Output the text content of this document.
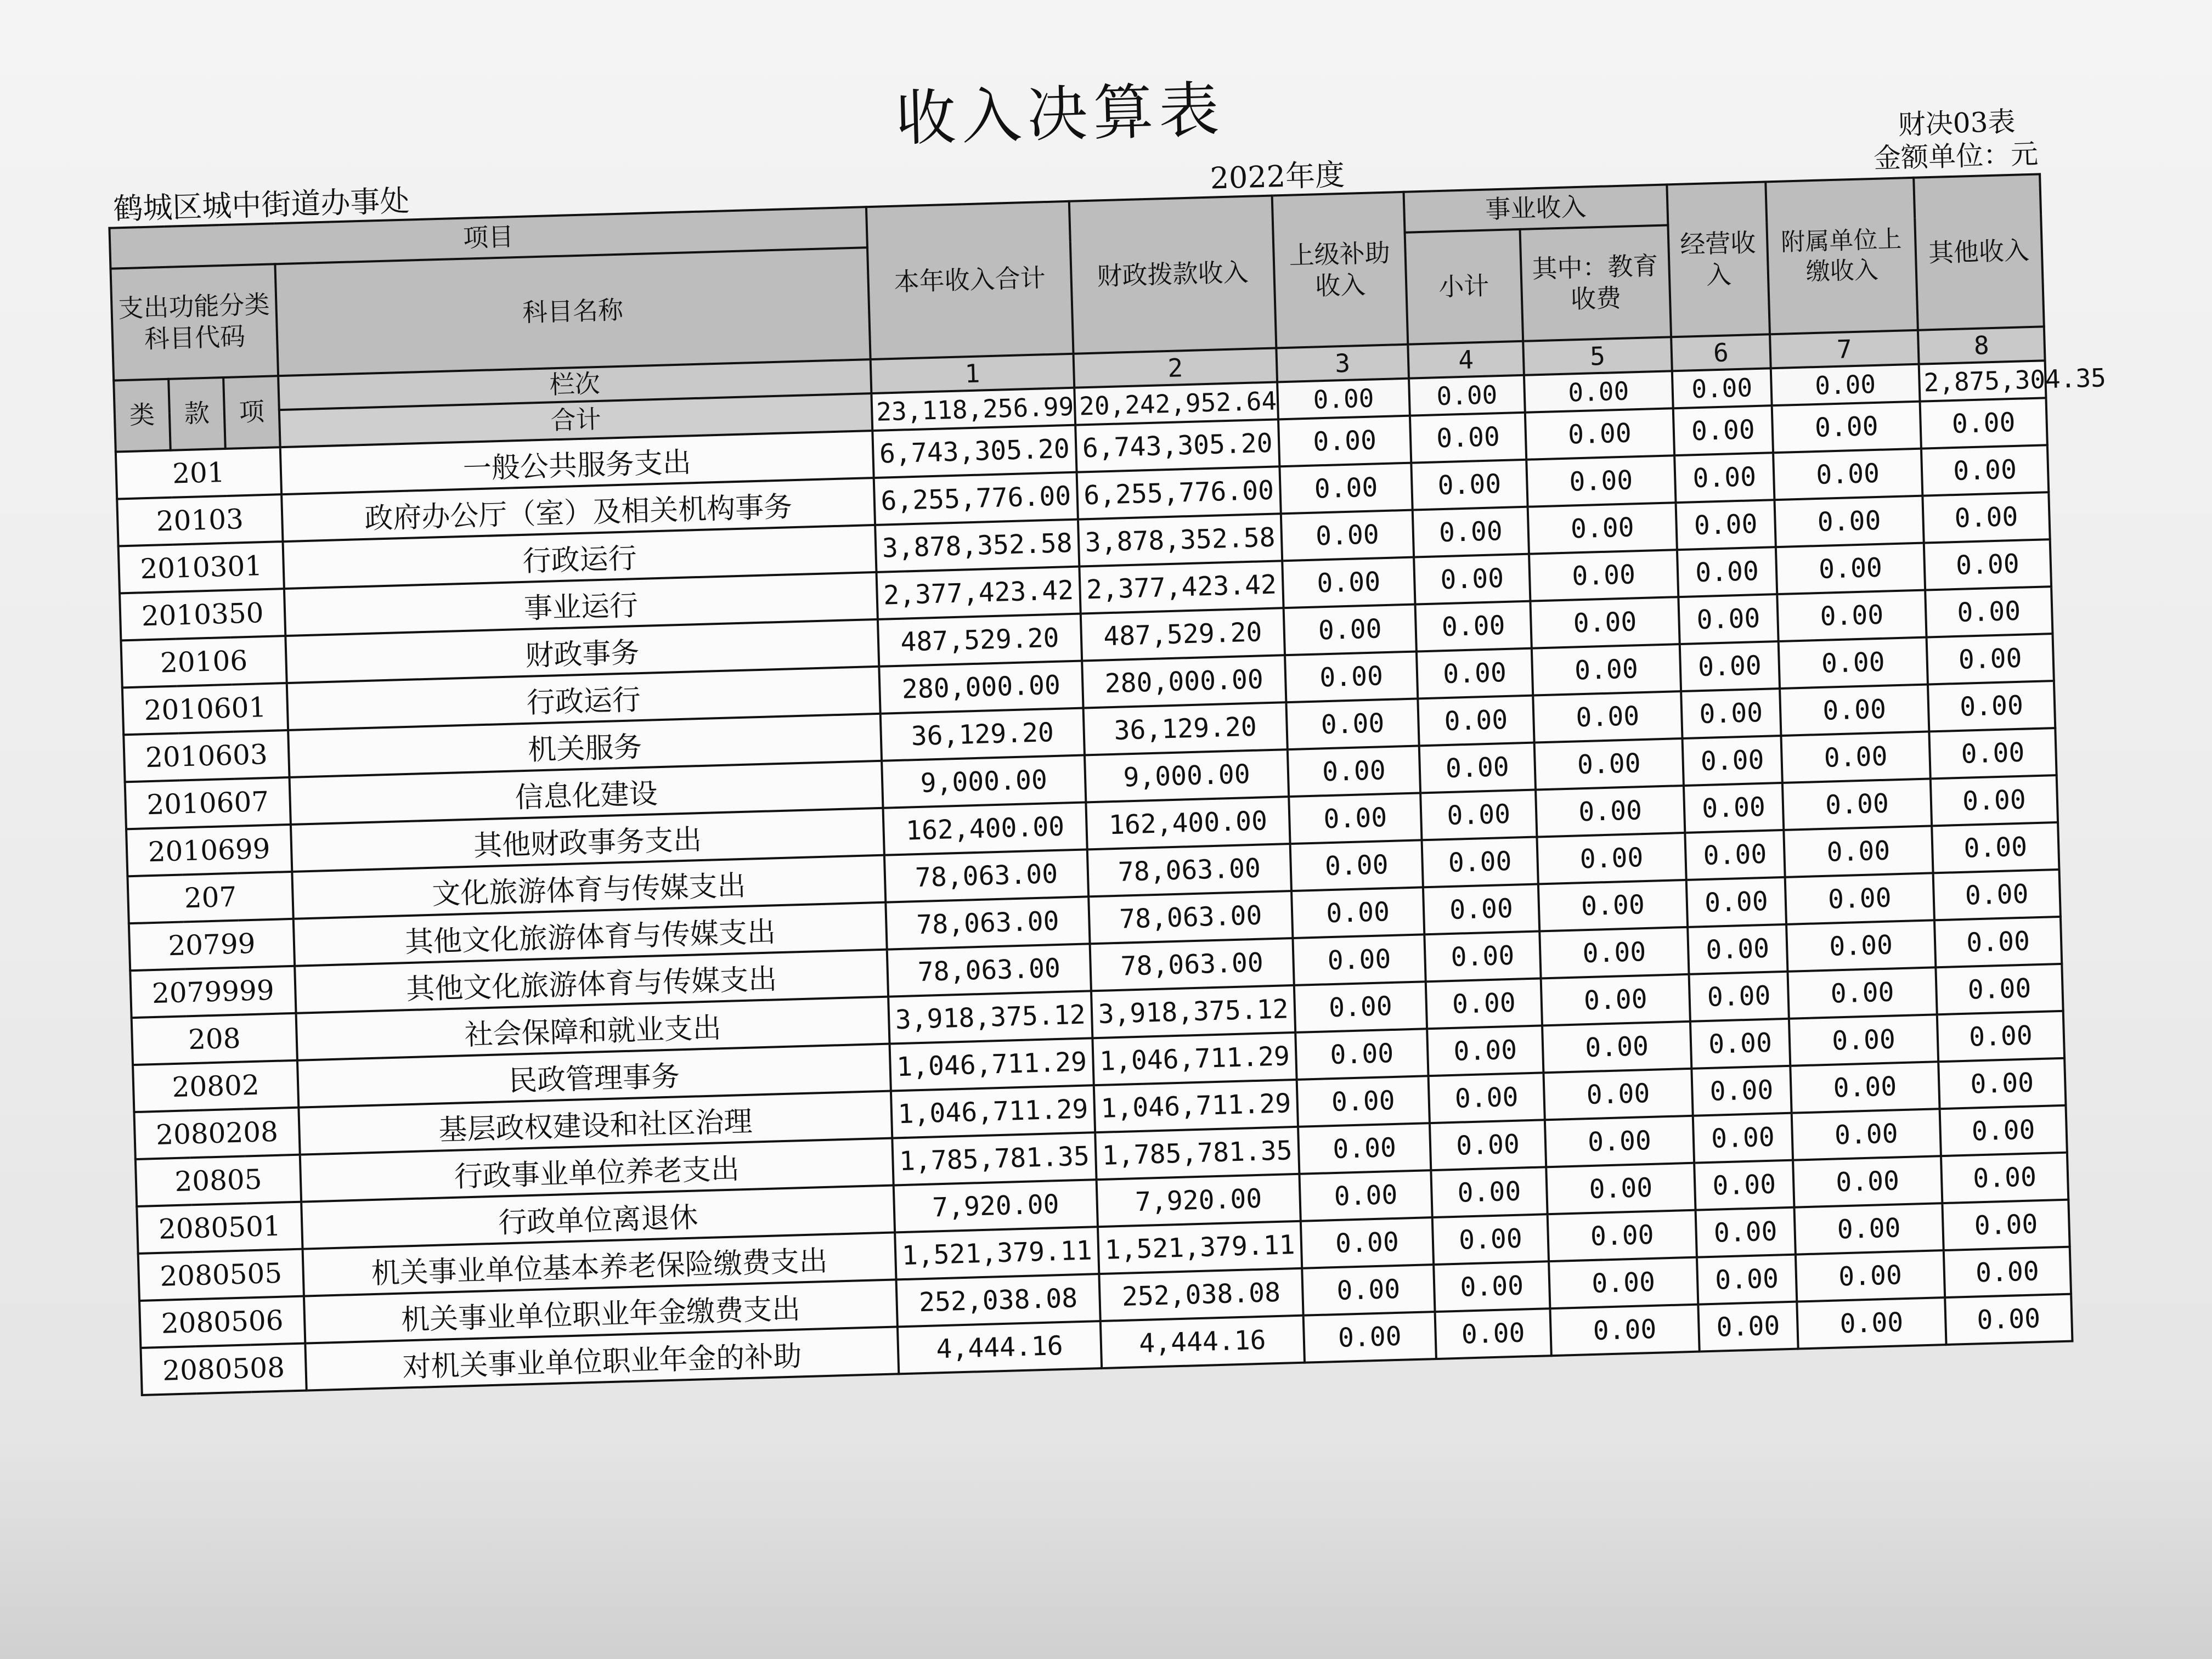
收入决算表	财决03表
金额单位：元
鹤城区城中街道办事处
2022年度
项目				本年收入合计	财政拨款收入	上级补助收入	事业收入		经营收入	附属单位上缴收入	其他收入
支出功能分类科目代码			科目名称				小计	其中：教育收费			

类	款	项	栏次	1	2	3	4	5	6	7	8
			合计	23,118,256.99	20,242,952.64	0.00	0.00	0.00	0.00	0.00	2,875,304.35
201			一般公共服务支出	6,743,305.20	6,743,305.20	0.00	0.00	0.00	0.00	0.00	0.00
20103			政府办公厅（室）及相关机构事务	6,255,776.00	6,255,776.00	0.00	0.00	0.00	0.00	0.00	0.00
2010301			行政运行	3,878,352.58	3,878,352.58	0.00	0.00	0.00	0.00	0.00	0.00
2010350			事业运行	2,377,423.42	2,377,423.42	0.00	0.00	0.00	0.00	0.00	0.00
20106			财政事务	487,529.20	487,529.20	0.00	0.00	0.00	0.00	0.00	0.00
2010601			行政运行	280,000.00	280,000.00	0.00	0.00	0.00	0.00	0.00	0.00
2010603			机关服务	36,129.20	36,129.20	0.00	0.00	0.00	0.00	0.00	0.00
2010607			信息化建设	9,000.00	9,000.00	0.00	0.00	0.00	0.00	0.00	0.00
2010699			其他财政事务支出	162,400.00	162,400.00	0.00	0.00	0.00	0.00	0.00	0.00
207			文化旅游体育与传媒支出	78,063.00	78,063.00	0.00	0.00	0.00	0.00	0.00	0.00
20799			其他文化旅游体育与传媒支出	78,063.00	78,063.00	0.00	0.00	0.00	0.00	0.00	0.00
2079999			其他文化旅游体育与传媒支出	78,063.00	78,063.00	0.00	0.00	0.00	0.00	0.00	0.00
208			社会保障和就业支出	3,918,375.12	3,918,375.12	0.00	0.00	0.00	0.00	0.00	0.00
20802			民政管理事务	1,046,711.29	1,046,711.29	0.00	0.00	0.00	0.00	0.00	0.00
2080208			基层政权建设和社区治理	1,046,711.29	1,046,711.29	0.00	0.00	0.00	0.00	0.00	0.00
20805			行政事业单位养老支出	1,785,781.35	1,785,781.35	0.00	0.00	0.00	0.00	0.00	0.00
2080501			行政单位离退休	7,920.00	7,920.00	0.00	0.00	0.00	0.00	0.00	0.00
2080505			机关事业单位基本养老保险缴费支出	1,521,379.11	1,521,379.11	0.00	0.00	0.00	0.00	0.00	0.00
2080506			机关事业单位职业年金缴费支出	252,038.08	252,038.08	0.00	0.00	0.00	0.00	0.00	0.00
2080508			对机关事业单位职业年金的补助	4,444.16	4,444.16	0.00	0.00	0.00	0.00	0.00	0.00
